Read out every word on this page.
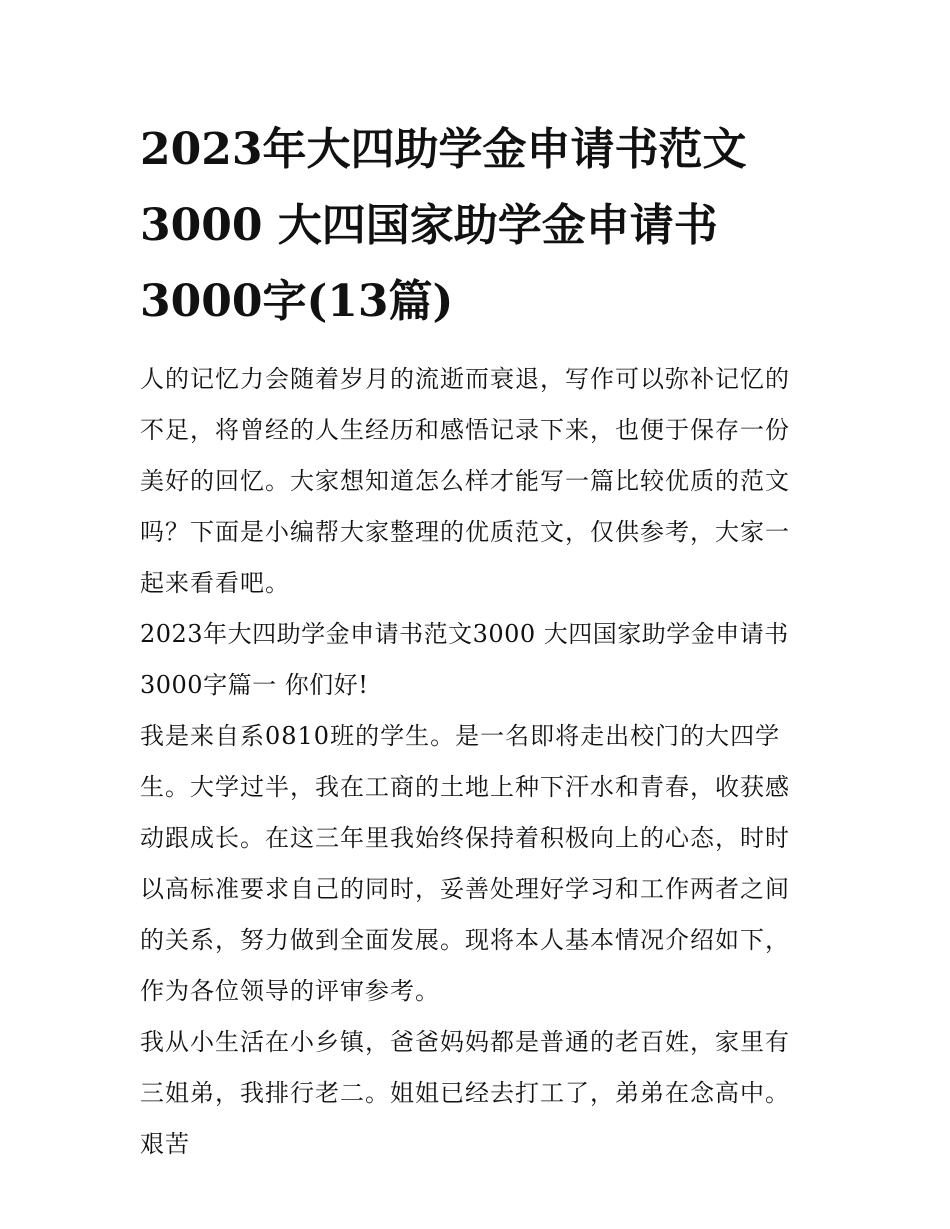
2023年大四助学金申请书范文3000 大四国家助学金申请书3000字(13篇)

人的记忆力会随着岁月的流逝而衰退，写作可以弥补记忆的不足，将曾经的人生经历和感悟记录下来，也便于保存一份美好的回忆。大家想知道怎么样才能写一篇比较优质的范文吗？下面是小编帮大家整理的优质范文，仅供参考，大家一起来看看吧。

2023年大四助学金申请书范文3000 大四国家助学金申请书3000字篇一 你们好!

我是来自系0810班的学生。是一名即将走出校门的大四学生。大学过半，我在工商的土地上种下汗水和青春，收获感动跟成长。在这三年里我始终保持着积极向上的心态，时时以高标准要求自己的同时，妥善处理好学习和工作两者之间的关系，努力做到全面发展。现将本人基本情况介绍如下，作为各位领导的评审参考。

我从小生活在小乡镇，爸爸妈妈都是普通的老百姓，家里有三姐弟，我排行老二。姐姐已经去打工了，弟弟在念高中。艰苦
